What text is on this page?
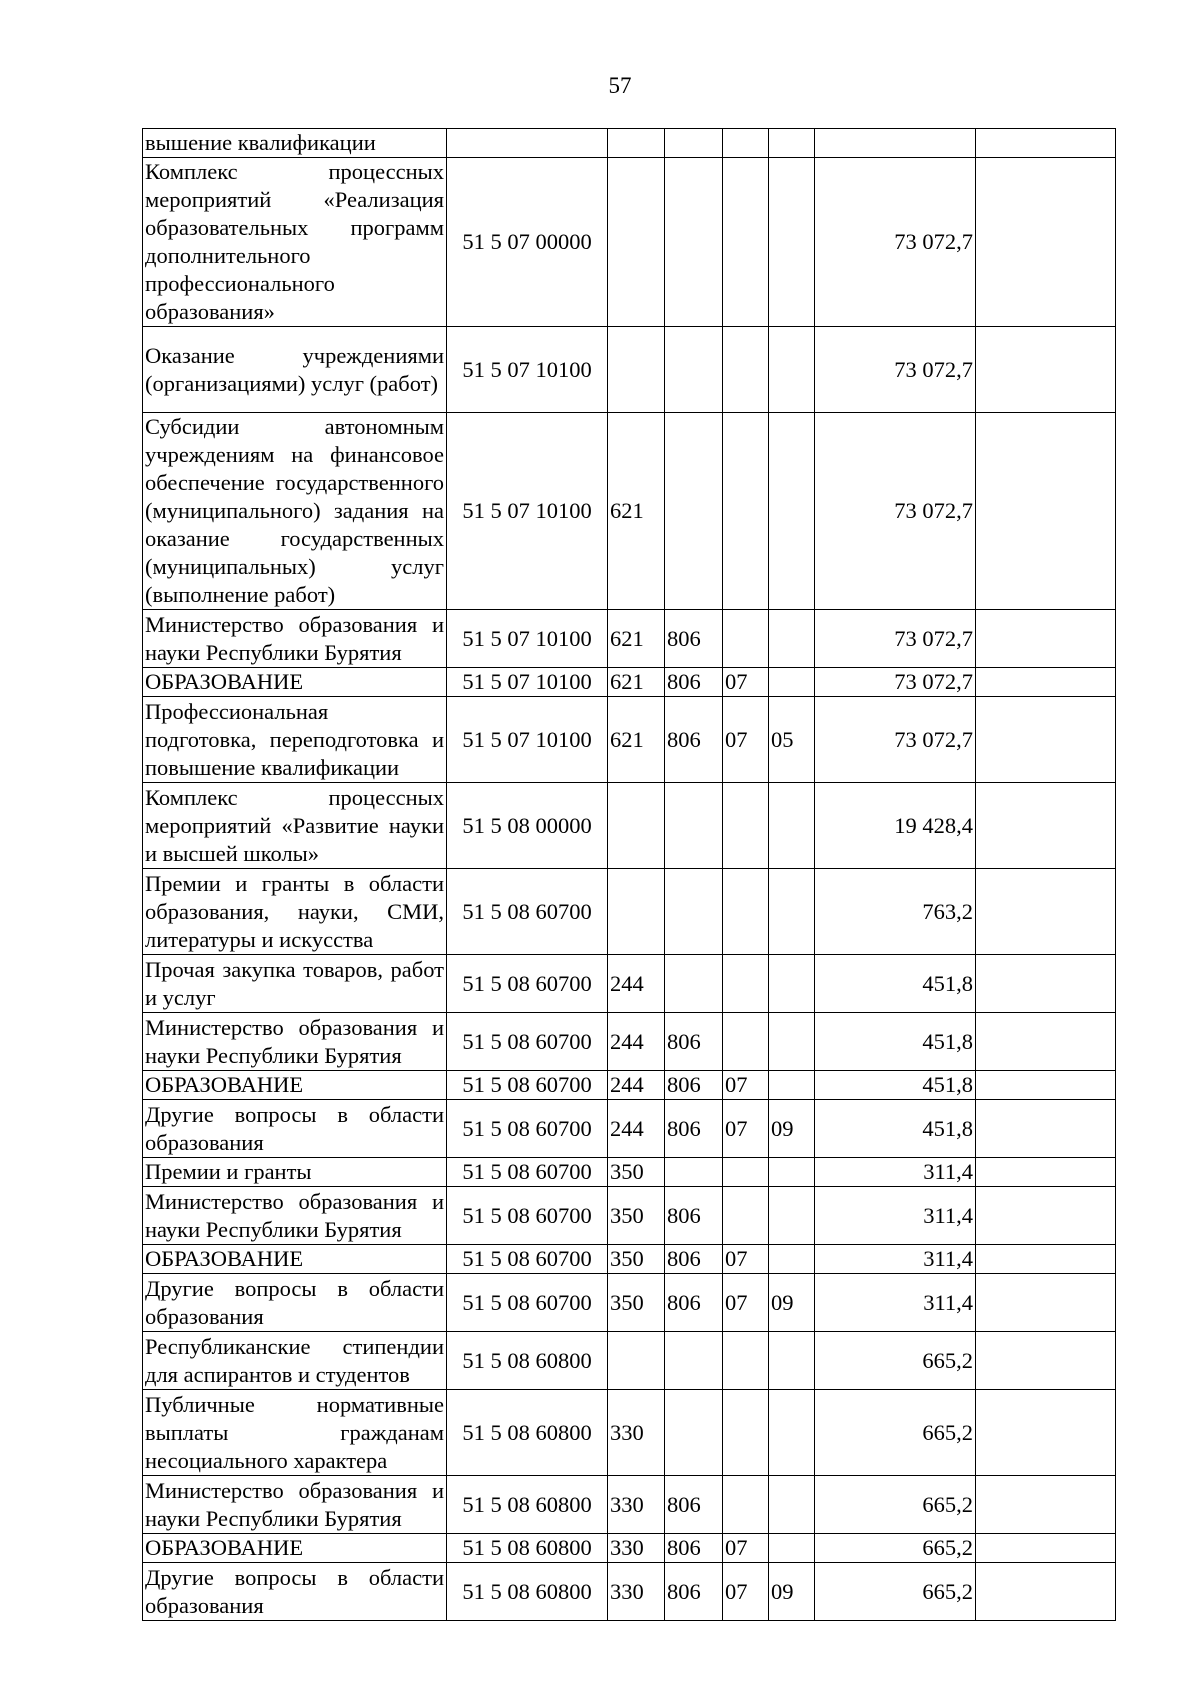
57
вышение квалификации							
Комплекс процессных мероприятий «Реализация образовательных программ дополнительного профессионального образования»	51 5 07 00000					73 072,7	
Оказание учреждениями (организациями) услуг (работ)	51 5 07 10100					73 072,7	
Субсидии автономным учреждениям на финансовое обеспечение государственного (муниципального) задания на оказание государственных (муниципальных) услуг (выполнение работ)	51 5 07 10100	621				73 072,7	
Министерство образования и науки Республики Бурятия	51 5 07 10100	621	806			73 072,7	
ОБРАЗОВАНИЕ	51 5 07 10100	621	806	07		73 072,7	
Профессиональная подготовка, переподготовка и повышение квалификации	51 5 07 10100	621	806	07	05	73 072,7	
Комплекс процессных мероприятий «Развитие науки и высшей школы»	51 5 08 00000					19 428,4	
Премии и гранты в области образования, науки, СМИ, литературы и искусства	51 5 08 60700					763,2	
Прочая закупка товаров, работ и услуг	51 5 08 60700	244				451,8	
Министерство образования и науки Республики Бурятия	51 5 08 60700	244	806			451,8	
ОБРАЗОВАНИЕ	51 5 08 60700	244	806	07		451,8	
Другие вопросы в области образования	51 5 08 60700	244	806	07	09	451,8	
Премии и гранты	51 5 08 60700	350				311,4	
Министерство образования и науки Республики Бурятия	51 5 08 60700	350	806			311,4	
ОБРАЗОВАНИЕ	51 5 08 60700	350	806	07		311,4	
Другие вопросы в области образования	51 5 08 60700	350	806	07	09	311,4	
Республиканские стипендии для аспирантов и студентов	51 5 08 60800					665,2	
Публичные нормативные выплаты гражданам несоциального характера	51 5 08 60800	330				665,2	
Министерство образования и науки Республики Бурятия	51 5 08 60800	330	806			665,2	
ОБРАЗОВАНИЕ	51 5 08 60800	330	806	07		665,2	
Другие вопросы в области образования	51 5 08 60800	330	806	07	09	665,2	
